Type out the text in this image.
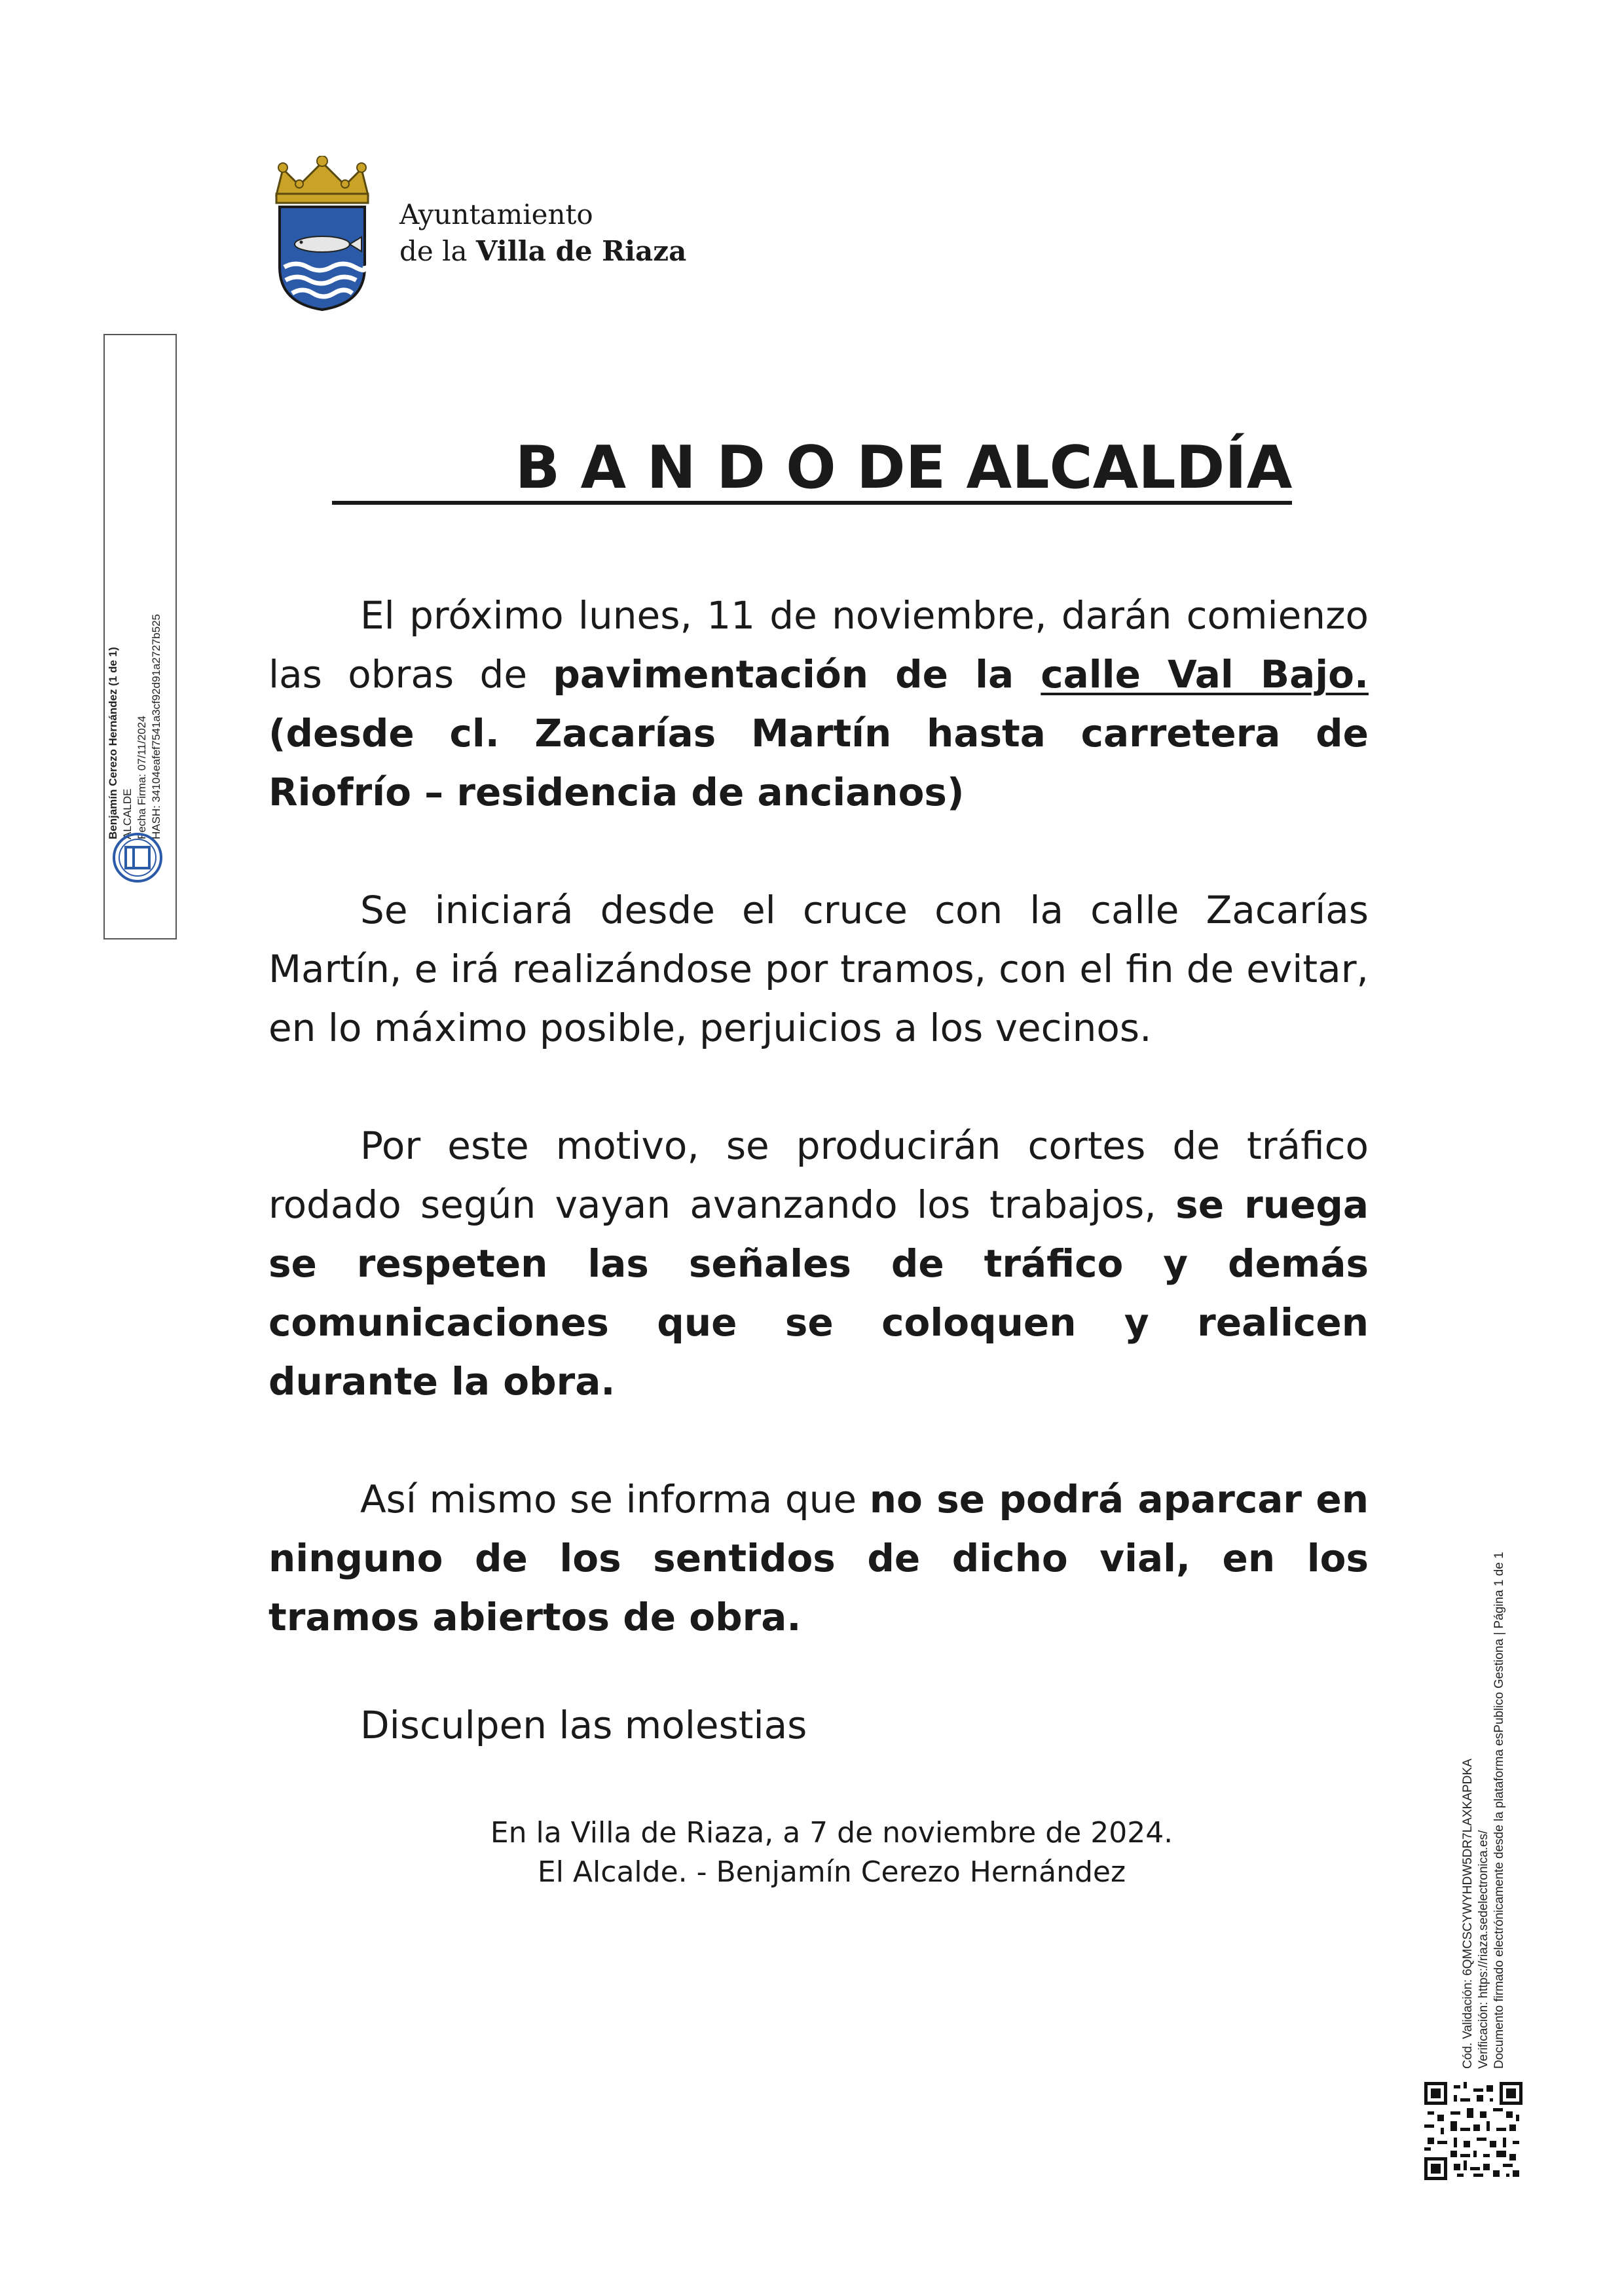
Ayuntamiento
de la Villa de Riaza
Benjamín Cerezo Hernández (1 de 1) ALCALDE Fecha Firma: 07/11/2024 HASH: 34104eafef7541a3cf92d91a2727b525
B A N D O DE ALCALDÍA

El próximo lunes, 11 de noviembre, darán comienzo las obras de pavimentación de la calle Val Bajo. (desde cl. Zacarías Martín hasta carretera de Riofrío – residencia de ancianos)

Se iniciará desde el cruce con la calle Zacarías Martín, e irá realizándose por tramos, con el fin de evitar, en lo máximo posible, perjuicios a los vecinos.

Por este motivo, se producirán cortes de tráfico rodado según vayan avanzando los trabajos, se ruega se respeten las señales de tráfico y demás comunicaciones que se coloquen y realicen durante la obra.

Así mismo se informa que no se podrá aparcar en ninguno de los sentidos de dicho vial, en los tramos abiertos de obra.

Disculpen las molestias
En la Villa de Riaza, a 7 de noviembre de 2024.
El Alcalde. - Benjamín Cerezo Hernández	Cód. Validación: 6QMCSCYWYHDW5DR7LAXKAPDKA Verificación: https://riaza.sedelectronica.es/ Documento firmado electrónicamente desde la plataforma esPublico Gestiona | Página 1 de 1
